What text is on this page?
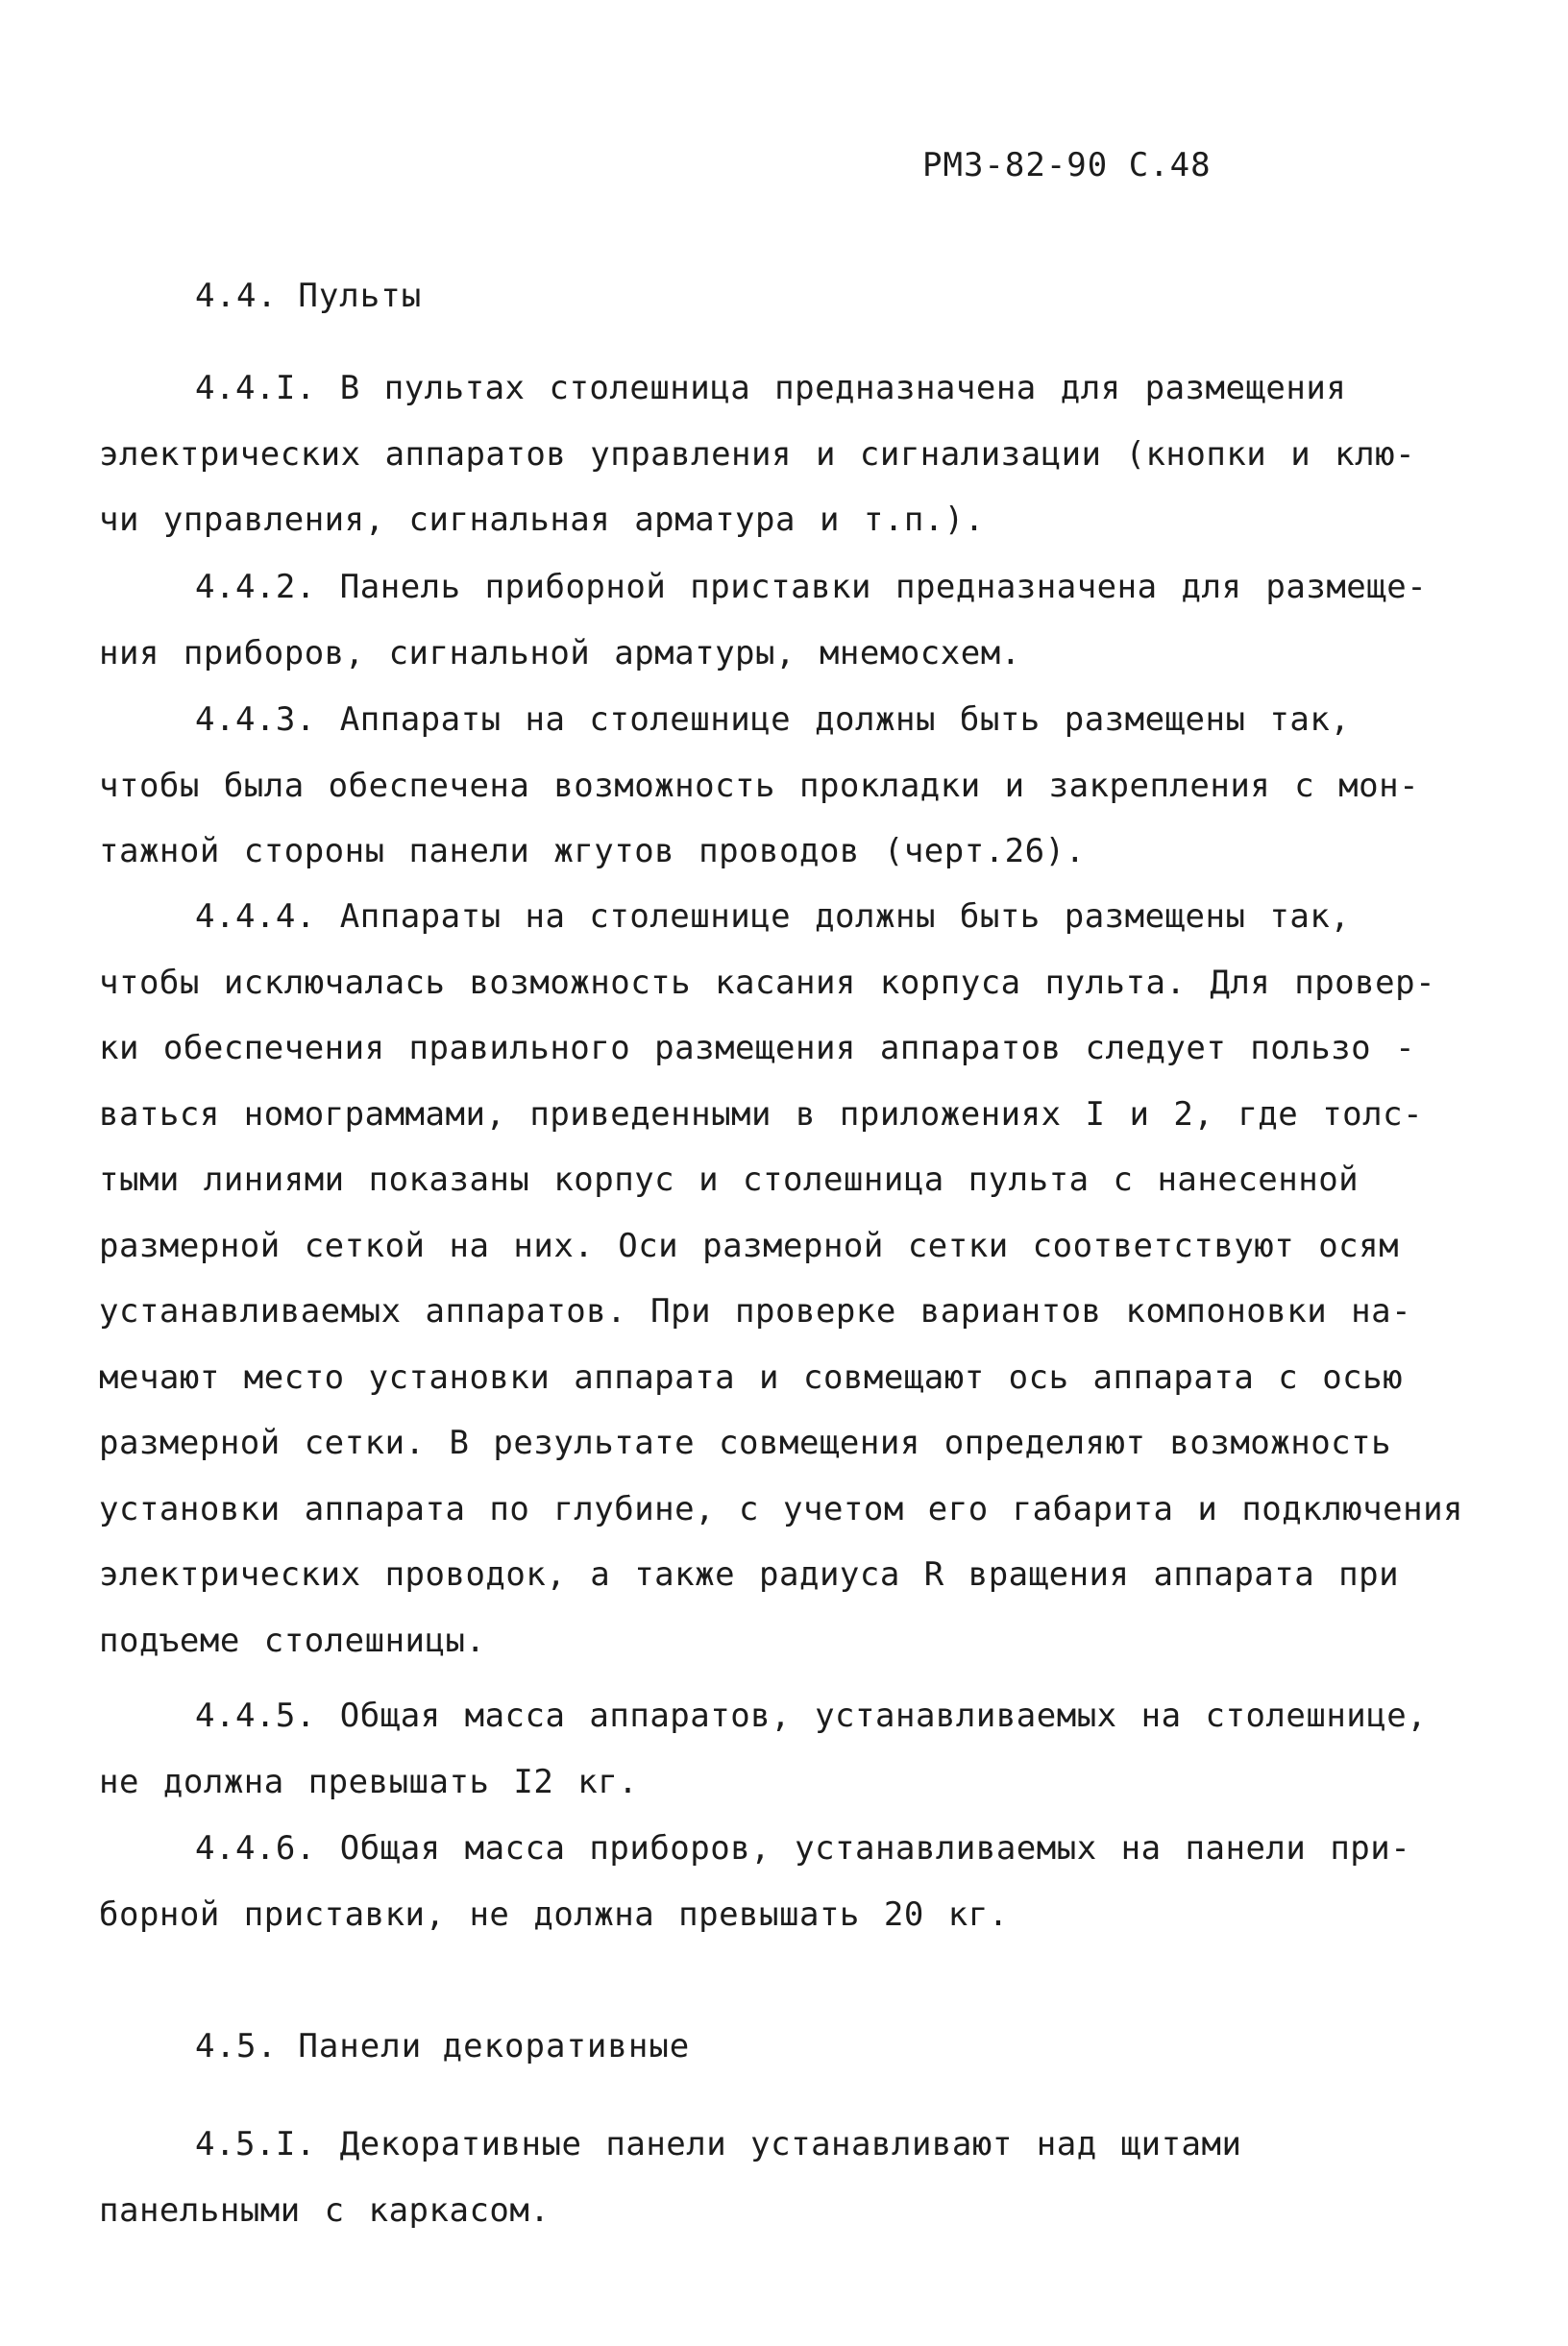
РМЗ-82-90 С.48
4.4. Пульты
4.4.I. В пультах столешница предназначена для размещения
электрических аппаратов управления и сигнализации (кнопки и клю-
чи управления, сигнальная арматура и т.п.).
4.4.2. Панель приборной приставки предназначена для размеще-
ния приборов, сигнальной арматуры, мнемосхем.
4.4.3. Аппараты на столешнице должны быть размещены так,
чтобы была обеспечена возможность прокладки и закрепления с мон-
тажной стороны панели жгутов проводов (черт.26).
4.4.4. Аппараты на столешнице должны быть размещены так,
чтобы исключалась возможность касания корпуса пульта. Для провер-
ки обеспечения правильного размещения аппаратов следует пользо -
ваться номограммами, приведенными в приложениях I и 2, где толс-
тыми линиями показаны корпус и столешница пульта с нанесенной
размерной сеткой на них. Оси размерной сетки соответствуют осям
устанавливаемых аппаратов. При проверке вариантов компоновки на-
мечают место установки аппарата и совмещают ось аппарата с осью
размерной сетки. В результате совмещения определяют возможность
установки аппарата по глубине, с учетом его габарита и подключения
электрических проводок, а также радиуса R вращения аппарата при
подъеме столешницы.
4.4.5. Общая масса аппаратов, устанавливаемых на столешнице,
не должна превышать I2 кг.
4.4.6. Общая масса приборов, устанавливаемых на панели при-
борной приставки, не должна превышать 20 кг.
4.5. Панели декоративные
4.5.I. Декоративные панели устанавливают над щитами
панельными с каркасом.
